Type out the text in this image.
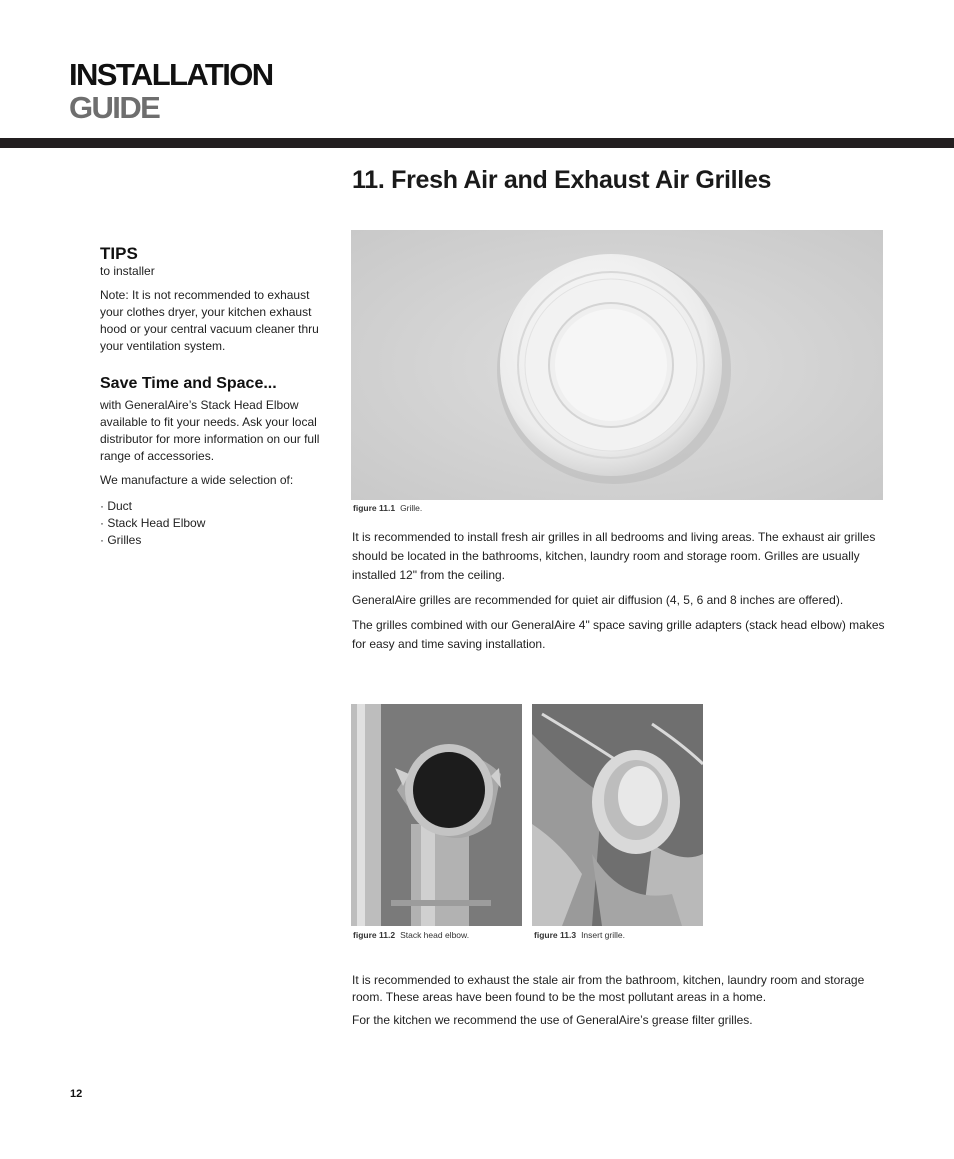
INSTALLATION
GUIDE
11. Fresh Air and Exhaust Air Grilles
TIPS
to installer

Note: It is not recommended to exhaust your clothes dryer, your kitchen exhaust hood or your central vacuum cleaner thru your ventilation system.

Save Time and Space...

with GeneralAire’s Stack Head Elbow available to fit your needs. Ask your local distributor for more information on our full range of accessories.

We manufacture a wide selection of:

· Duct
· Stack Head Elbow
· Grilles
figure 11.1 Grille.

It is recommended to install fresh air grilles in all bedrooms and living areas. The exhaust air grilles should be located in the bathrooms, kitchen, laundry room and storage room. Grilles are usually installed 12" from the ceiling.

GeneralAire grilles are recommended for quiet air diffusion (4, 5, 6 and 8 inches are offered).

The grilles combined with our GeneralAire 4" space saving grille adapters (stack head elbow) makes for easy and time saving installation.

figure 11.2 Stack head elbow.	figure 11.3 Insert grille.

It is recommended to exhaust the stale air from the bathroom, kitchen, laundry room and storage room. These areas have been found to be the most pollutant areas in a home.

For the kitchen we recommend the use of GeneralAire’s grease filter grilles.

12
